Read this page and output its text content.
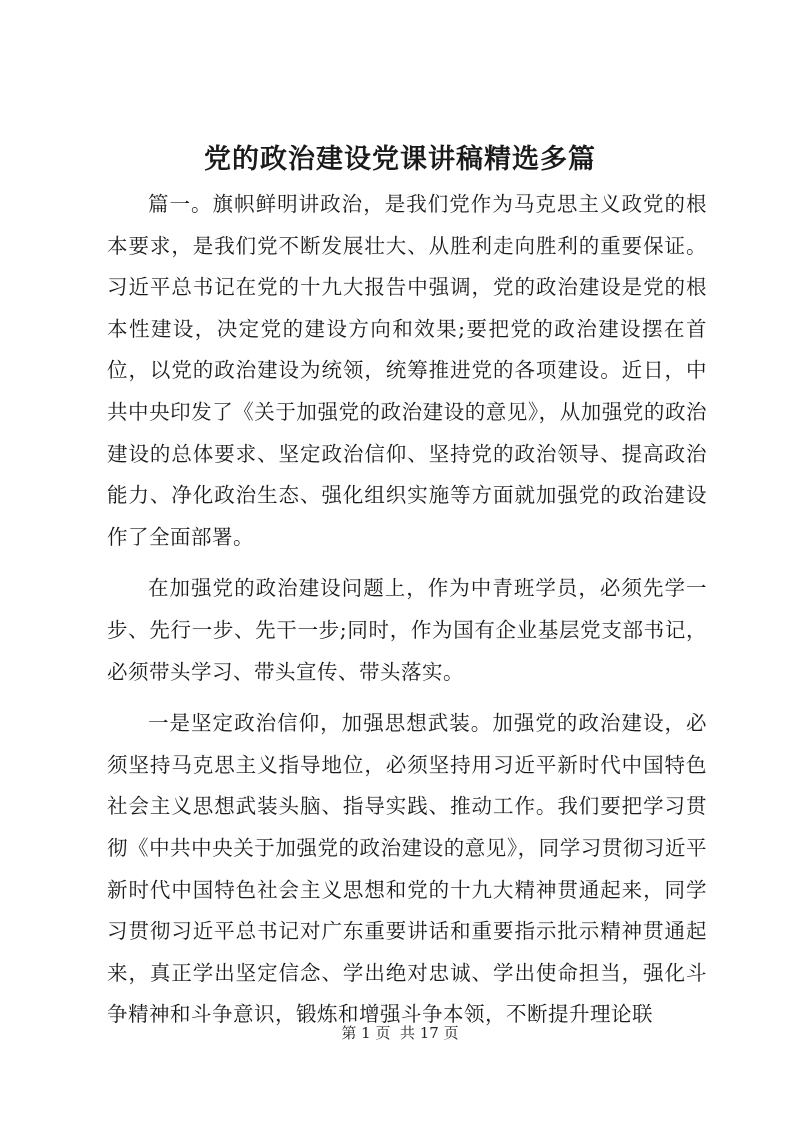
党的政治建设党课讲稿精选多篇

篇一。旗帜鲜明讲政治，是我们党作为马克思主义政党的根本要求，是我们党不断发展壮大、从胜利走向胜利的重要保证。习近平总书记在党的十九大报告中强调，党的政治建设是党的根本性建设，决定党的建设方向和效果;要把党的政治建设摆在首位，以党的政治建设为统领，统筹推进党的各项建设。近日，中共中央印发了《关于加强党的政治建设的意见》，从加强党的政治建设的总体要求、坚定政治信仰、坚持党的政治领导、提高政治能力、净化政治生态、强化组织实施等方面就加强党的政治建设作了全面部署。

在加强党的政治建设问题上，作为中青班学员，必须先学一步、先行一步、先干一步;同时，作为国有企业基层党支部书记，必须带头学习、带头宣传、带头落实。

一是坚定政治信仰，加强思想武装。加强党的政治建设，必须坚持马克思主义指导地位，必须坚持用习近平新时代中国特色社会主义思想武装头脑、指导实践、推动工作。我们要把学习贯彻《中共中央关于加强党的政治建设的意见》，同学习贯彻习近平新时代中国特色社会主义思想和党的十九大精神贯通起来，同学习贯彻习近平总书记对广东重要讲话和重要指示批示精神贯通起来，真正学出坚定信念、学出绝对忠诚、学出使命担当，强化斗争精神和斗争意识，锻炼和增强斗争本领，不断提升理论联

第 1 页  共 17 页
